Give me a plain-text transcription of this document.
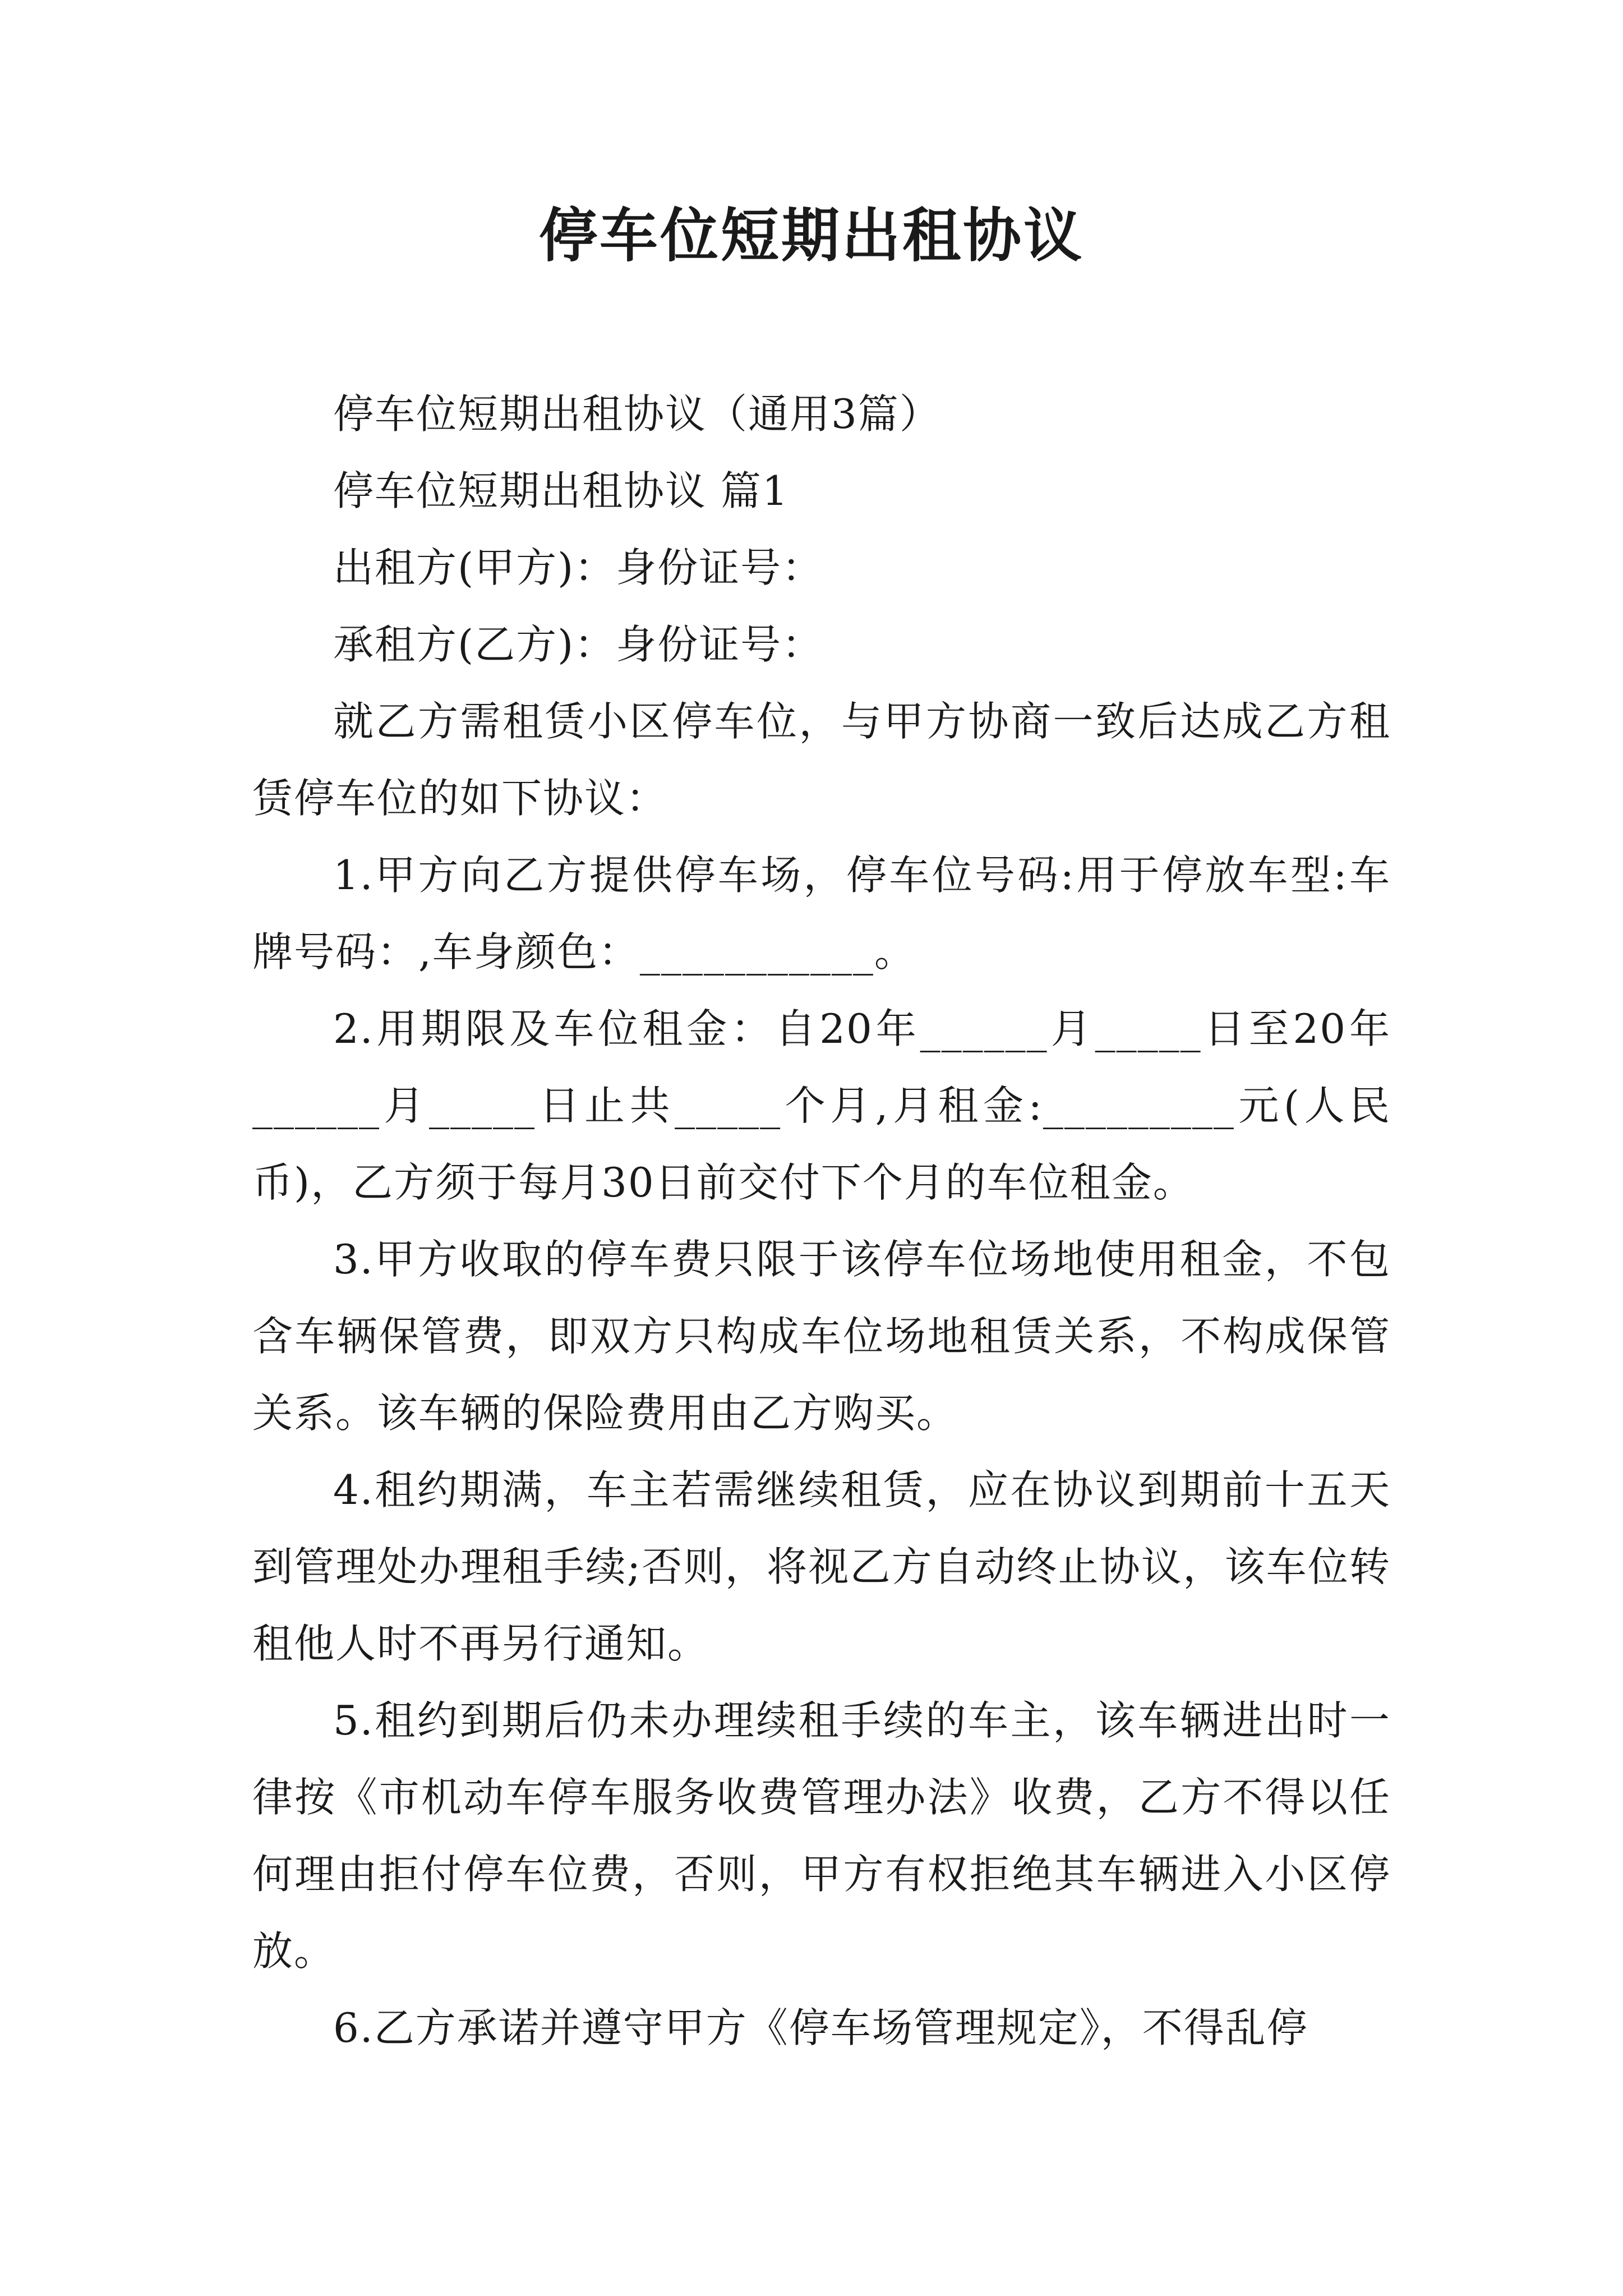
停车位短期出租协议

停车位短期出租协议（通用3篇）

停车位短期出租协议 篇1

出租方(甲方)：身份证号：

承租方(乙方)：身份证号：

就乙方需租赁小区停车位，与甲方协商一致后达成乙方租赁停车位的如下协议：

1.甲方向乙方提供停车场，停车位号码:用于停放车型:车牌号码：,车身颜色：___________。

2.用期限及车位租金：自20年______月_____日至20年______月_____日止共_____个月,月租金:_________元(人民币)，乙方须于每月30日前交付下个月的车位租金。

3.甲方收取的停车费只限于该停车位场地使用租金，不包含车辆保管费，即双方只构成车位场地租赁关系，不构成保管关系。该车辆的保险费用由乙方购买。

4.租约期满，车主若需继续租赁，应在协议到期前十五天到管理处办理租手续;否则，将视乙方自动终止协议，该车位转租他人时不再另行通知。

5.租约到期后仍未办理续租手续的车主，该车辆进出时一律按《市机动车停车服务收费管理办法》收费，乙方不得以任何理由拒付停车位费，否则，甲方有权拒绝其车辆进入小区停放。

6.乙方承诺并遵守甲方《停车场管理规定》，不得乱停
